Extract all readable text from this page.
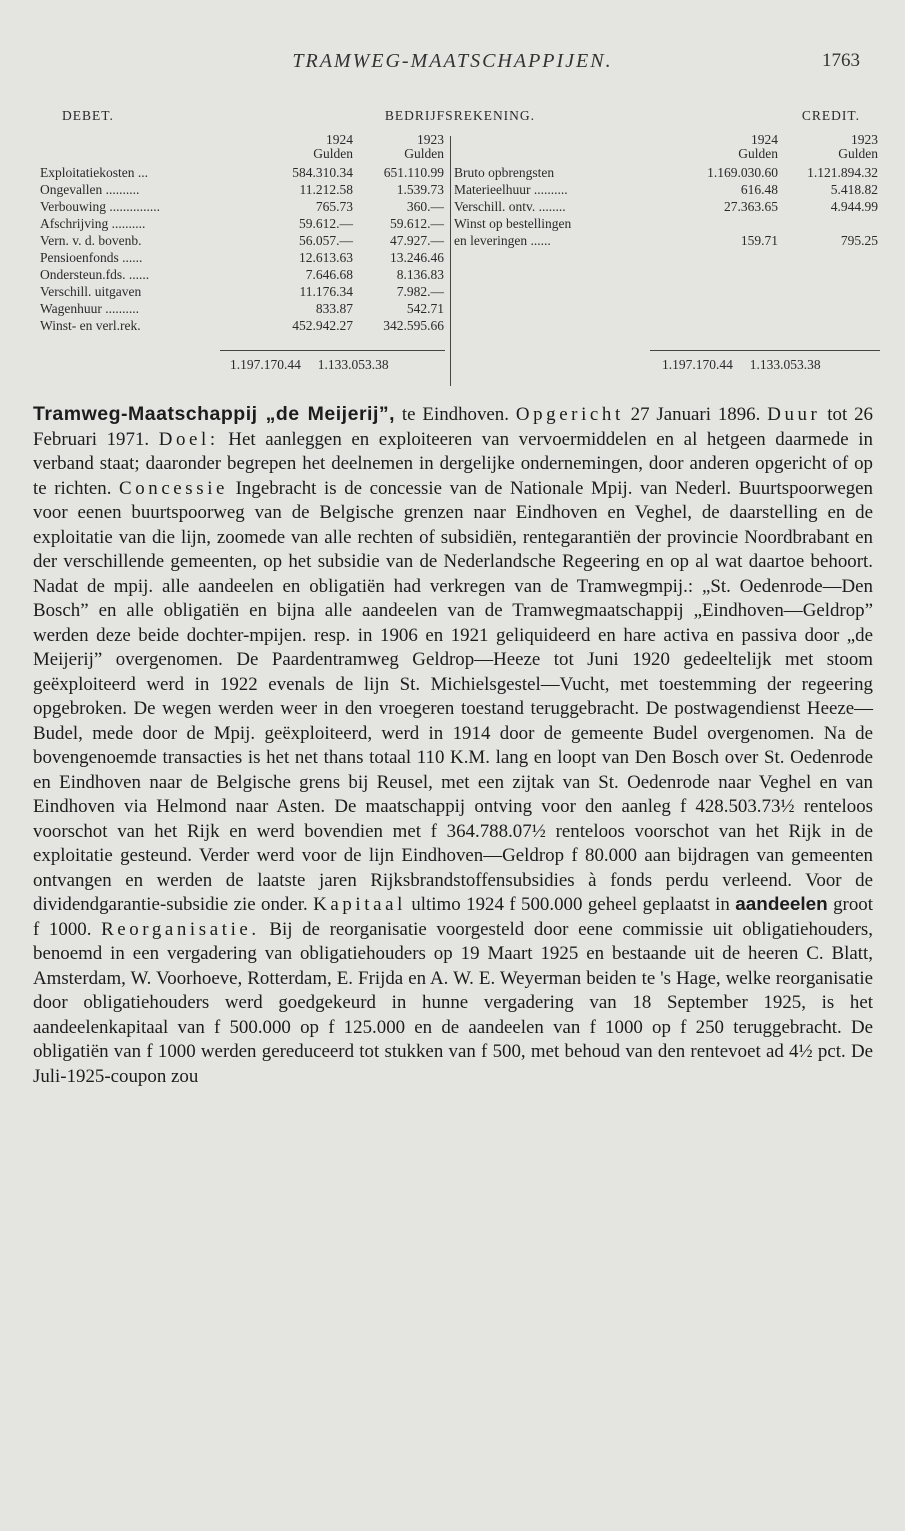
TRAMWEG-MAATSCHAPPIJEN.	1763
DEBET.	BEDRIJFSREKENING.	CREDIT.
1924
Gulden
1923
Gulden
Exploitatiekosten ...	584.310.34 651.110.99
Ongevallen ..........	11.212.58	1.539.73
Verbouwing ...............	765.73	360.—
Afschrijving ..........	59.612.—	59.612.—
Vern. v. d. bovenb.	56.057.—	47.927.—
Pensioenfonds ......	12.613.63	13.246.46
Ondersteun.fds. ......	7.646.68	8.136.83
Verschill. uitgaven	11.176.34	7.982.—
Wagenhuur ..........	833.87	542.71
Winst- en verl.rek.	452.942.27 342.595.66
1924
Gulden
1923
Gulden
Bruto opbrengsten	1.169.030.60 1.121.894.32
Materieelhuur ..........	616.48	5.418.82
Verschill. ontv. ........	27.363.65	4.944.99
Winst op bestellingen
en leveringen ......	159.71	795.25
1.197.170.44 1.133.053.38	1.197.170.44 1.133.053.38

Tramweg-Maatschappij „de Meijerij”, te Eindhoven. Opgericht 27 Januari 1896. Duur tot 26 Februari 1971. Doel: Het aanleggen en exploiteeren van vervoermiddelen en al hetgeen daarmede in verband staat; daaronder begrepen het deelnemen in dergelijke ondernemingen, door anderen opgericht of op te richten. Concessie Ingebracht is de concessie van de Nationale Mpij. van Nederl. Buurtspoorwegen voor eenen buurtspoorweg van de Belgische grenzen naar Eindhoven en Veghel, de daarstelling en de exploitatie van die lijn, zoomede van alle rechten of subsidiën, rentegarantiën der provincie Noordbrabant en der verschillende gemeenten, op het subsidie van de Nederlandsche Regeering en op al wat daartoe behoort. Nadat de mpij. alle aandeelen en obligatiën had verkregen van de Tramwegmpij.: „St. Oedenrode—Den Bosch” en alle obligatiën en bijna alle aandeelen van de Tramwegmaatschappij „Eindhoven—Geldrop” werden deze beide dochter-mpijen. resp. in 1906 en 1921 geliquideerd en hare activa en passiva door „de Meijerij” overgenomen. De Paardentramweg Geldrop—Heeze tot Juni 1920 gedeeltelijk met stoom geëxploiteerd werd in 1922 evenals de lijn St. Michielsgestel—Vucht, met toestemming der regeering opgebroken. De wegen werden weer in den vroegeren toestand teruggebracht. De postwagendienst Heeze—Budel, mede door de Mpij. geëxploiteerd, werd in 1914 door de gemeente Budel overgenomen. Na de bovengenoemde transacties is het net thans totaal 110 K.M. lang en loopt van Den Bosch over St. Oedenrode en Eindhoven naar de Belgische grens bij Reusel, met een zijtak van St. Oedenrode naar Veghel en van Eindhoven via Helmond naar Asten. De maatschappij ontving voor den aanleg f 428.503.73½ renteloos voorschot van het Rijk en werd bovendien met f 364.788.07½ renteloos voorschot van het Rijk in de exploitatie gesteund. Verder werd voor de lijn Eindhoven—Geldrop f 80.000 aan bijdragen van gemeenten ontvangen en werden de laatste jaren Rijksbrandstoffensubsidies à fonds perdu verleend. Voor de dividendgarantie-subsidie zie onder. Kapitaal ultimo 1924 f 500.000 geheel geplaatst in aandeelen groot f 1000. Reorganisatie. Bij de reorganisatie voorgesteld door eene commissie uit obligatiehouders, benoemd in een vergadering van obligatiehouders op 19 Maart 1925 en bestaande uit de heeren C. Blatt, Amsterdam, W. Voorhoeve, Rotterdam, E. Frijda en A. W. E. Weyerman beiden te 's Hage, welke reorganisatie door obligatiehouders werd goedgekeurd in hunne vergadering van 18 September 1925, is het aandeelenkapitaal van f 500.000 op f 125.000 en de aandeelen van f 1000 op f 250 teruggebracht. De obligatiën van f 1000 werden gereduceerd tot stukken van f 500, met behoud van den rentevoet ad 4½ pct. De Juli-1925-coupon zou
